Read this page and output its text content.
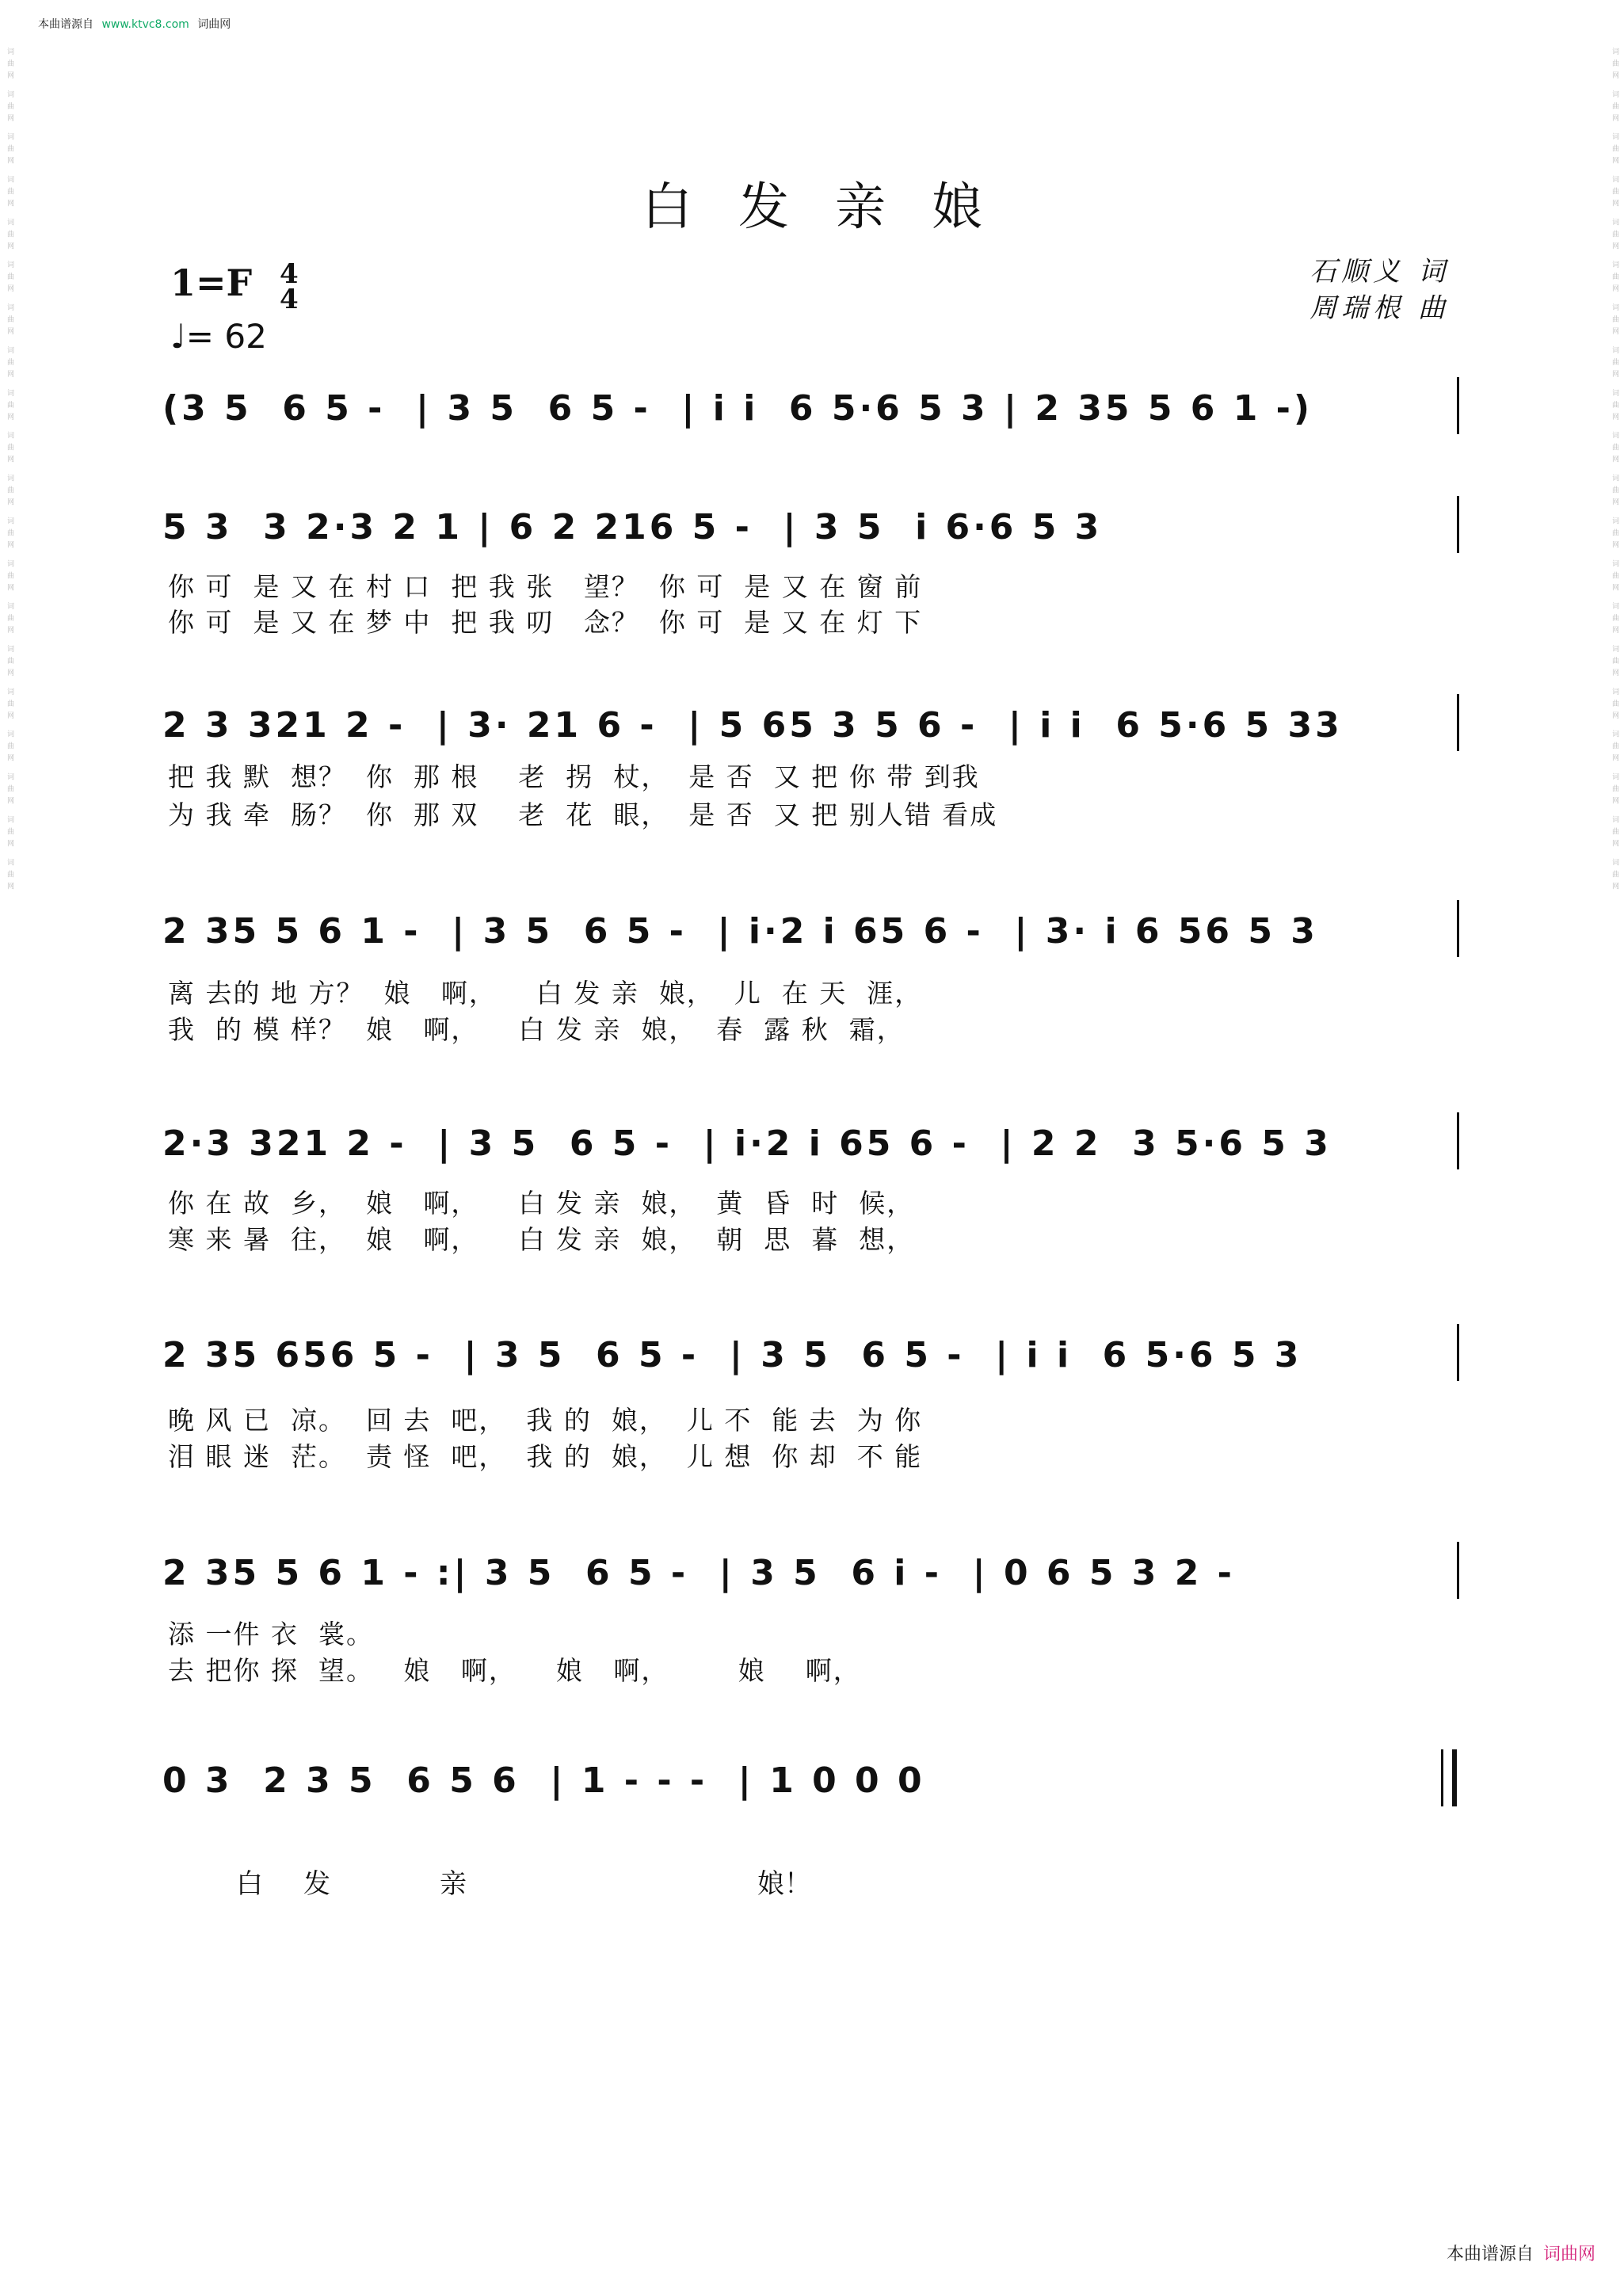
本曲谱源自 www.ktvc8.com 词曲网
词曲网 词曲网 词曲网 词曲网 词曲网 词曲网 词曲网 词曲网 词曲网 词曲网 词曲网 词曲网 词曲网 词曲网 词曲网 词曲网 词曲网 词曲网 词曲网 词曲网	词曲网 词曲网 词曲网 词曲网 词曲网 词曲网 词曲网 词曲网 词曲网 词曲网 词曲网 词曲网 词曲网 词曲网 词曲网 词曲网 词曲网 词曲网 词曲网 词曲网
白发亲娘
1=F 4
4
♩= 62
石顺义 词
周瑞根 曲
(3 5  6 5 -  | 3 5  6 5 -  | i i  6 5·6 5 3 | 2 35 5 6 1 -)
5 3  3 2·3 2 1 | 6 2 216 5 -  | 3 5  i 6·6 5 3
你 可  是 又 在 村 口  把 我 张   望？  你 可  是 又 在 窗 前
你 可  是 又 在 梦 中  把 我 叨   念？  你 可  是 又 在 灯 下
2 3 321 2 -  | 3· 21 6 -  | 5 65 3 5 6 -  | i i  6 5·6 5 33
把 我 默  想？  你  那 根    老  拐  杖，  是 否  又 把 你 带 到我
为 我 牵  肠？  你  那 双    老  花  眼，  是 否  又 把 别人错 看成
2 35 5 6 1 -  | 3 5  6 5 -  | i·2 i 65 6 -  | 3· i 6 56 5 3
离 去的 地 方？  娘   啊，    白 发 亲  娘，  儿  在 天  涯，
我  的 模 样？  娘   啊，    白 发 亲  娘，  春  露 秋  霜，
2·3 321 2 -  | 3 5  6 5 -  | i·2 i 65 6 -  | 2 2  3 5·6 5 3
你 在 故  乡，  娘   啊，    白 发 亲  娘，  黄  昏  时  候，
寒 来 暑  往，  娘   啊，    白 发 亲  娘，  朝  思  暮  想，
2 35 656 5 -  | 3 5  6 5 -  | 3 5  6 5 -  | i i  6 5·6 5 3
晚 风 已  凉。  回 去  吧，  我 的  娘，  儿 不  能 去  为 你
泪 眼 迷  茫。  责 怪  吧，  我 的  娘，  儿 想  你 却  不 能
2 35 5 6 1 - :| 3 5  6 5 -  | 3 5  6 i -  | 0 6 5 3 2 -
添 一件 衣  裳。
去 把你 探  望。   娘   啊，    娘   啊，       娘    啊，
0 3  2 3 5  6 5 6  | 1 - - -  | 1 0 0 0
白 发	亲	娘！
本曲谱源自 词曲网
